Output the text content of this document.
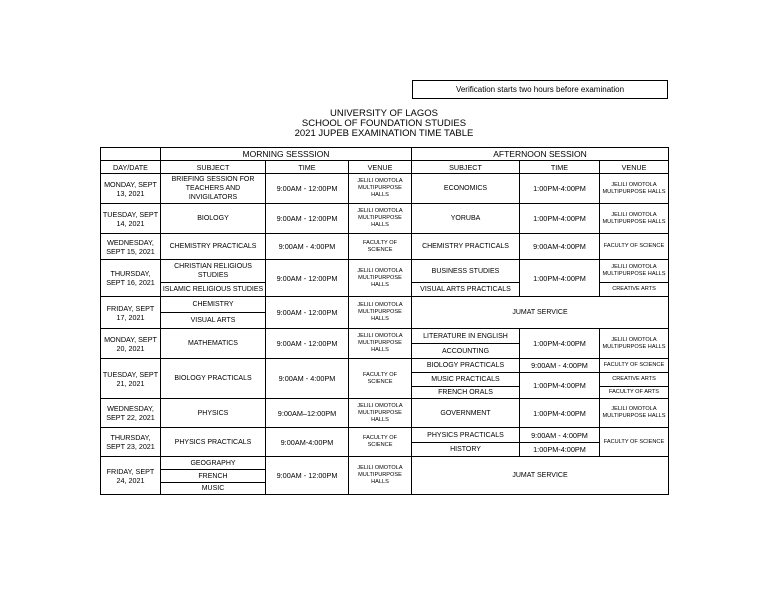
Verification starts two hours before examination
UNIVERSITY OF LAGOS
SCHOOL OF FOUNDATION STUDIES
2021 JUPEB EXAMINATION TIME TABLE
	MORNING SESSSION			AFTERNOON SESSION		
DAY/DATE	SUBJECT	TIME	VENUE	SUBJECT	TIME	VENUE
MONDAY, SEPT 13, 2021	BRIEFING SESSION FOR TEACHERS AND INVIGILATORS	9:00AM - 12:00PM	JELILI OMOTOLA MULTIPURPOSE HALLS	ECONOMICS	1:00PM-4:00PM	JELILI OMOTOLA MULTIPURPOSE HALLS
TUESDAY, SEPT 14, 2021	BIOLOGY	9:00AM - 12:00PM	JELILI OMOTOLA MULTIPURPOSE HALLS	YORUBA	1:00PM-4:00PM	JELILI OMOTOLA MULTIPURPOSE HALLS
WEDNESDAY, SEPT 15, 2021	CHEMISTRY PRACTICALS	9:00AM - 4:00PM	FACULTY OF SCIENCE	CHEMISTRY PRACTICALS	9:00AM-4:00PM	FACULTY OF SCIENCE
THURSDAY, SEPT 16, 2021	CHRISTIAN RELIGIOUS STUDIES	9:00AM - 12:00PM	JELILI OMOTOLA MULTIPURPOSE HALLS	BUSINESS STUDIES	1:00PM-4:00PM	JELILI OMOTOLA MULTIPURPOSE HALLS
	ISLAMIC RELIGIOUS STUDIES			VISUAL ARTS PRACTICALS		CREATIVE ARTS
FRIDAY, SEPT 17, 2021	CHEMISTRY	9:00AM - 12:00PM	JELILI OMOTOLA MULTIPURPOSE HALLS	JUMAT SERVICE		
	VISUAL ARTS					
MONDAY, SEPT 20, 2021	MATHEMATICS	9:00AM - 12:00PM	JELILI OMOTOLA MULTIPURPOSE HALLS	LITERATURE IN ENGLISH	1:00PM-4:00PM	JELILI OMOTOLA MULTIPURPOSE HALLS
				ACCOUNTING		
TUESDAY, SEPT 21, 2021	BIOLOGY PRACTICALS	9:00AM - 4:00PM	FACULTY OF SCIENCE	BIOLOGY PRACTICALS	9:00AM - 4:00PM	FACULTY OF SCIENCE
				MUSIC PRACTICALS	1:00PM-4:00PM	CREATIVE ARTS
				FRENCH ORALS		FACULTY OF ARTS
WEDNESDAY, SEPT 22, 2021	PHYSICS	9:00AM–12:00PM	JELILI OMOTOLA MULTIPURPOSE HALLS	GOVERNMENT	1:00PM-4:00PM	JELILI OMOTOLA MULTIPURPOSE HALLS
THURSDAY, SEPT 23, 2021	PHYSICS PRACTICALS	9:00AM-4:00PM	FACULTY OF SCIENCE	PHYSICS PRACTICALS	9:00AM - 4:00PM	FACULTY OF SCIENCE
				HISTORY	1:00PM-4:00PM	
FRIDAY, SEPT 24, 2021	GEOGRAPHY	9:00AM - 12:00PM	JELILI OMOTOLA MULTIPURPOSE HALLS	JUMAT SERVICE		
	FRENCH					
	MUSIC					
